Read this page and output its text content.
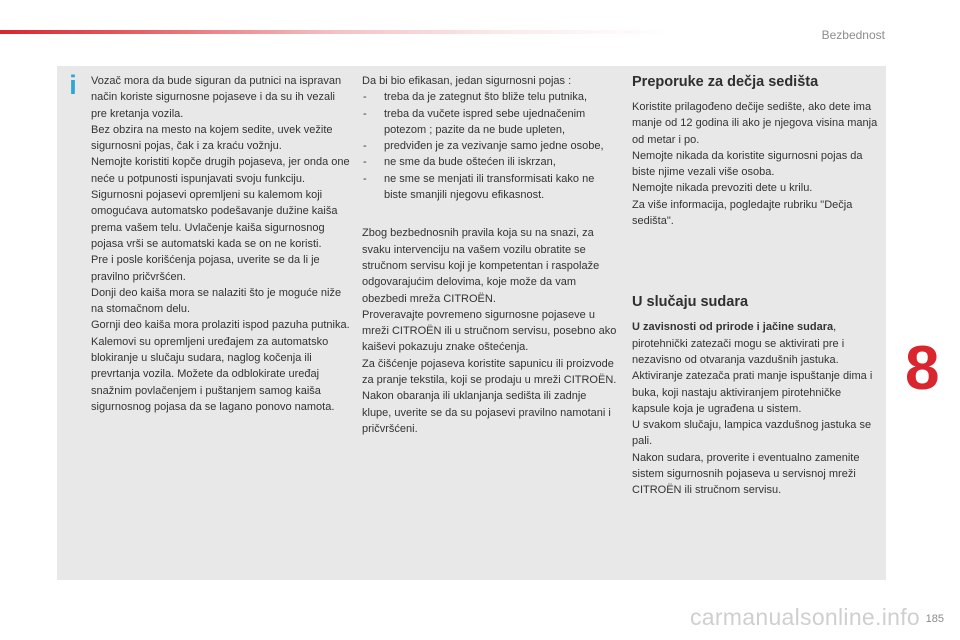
Bezbednost
i Vozač mora da bude siguran da putnici na ispravan način koriste sigurnosne pojaseve i da su ih vezali pre kretanja vozila.

Bez obzira na mesto na kojem sedite, uvek vežite sigurnosni pojas, čak i za kraću vožnju.

Nemojte koristiti kopče drugih pojaseva, jer onda one neće u potpunosti ispunjavati svoju funkciju.

Sigurnosni pojasevi opremljeni su kalemom koji omogućava automatsko podešavanje dužine kaiša prema vašem telu. Uvlačenje kaiša sigurnosnog pojasa vrši se automatski kada se on ne koristi.

Pre i posle korišćenja pojasa, uverite se da li je pravilno pričvršćen.

Donji deo kaiša mora se nalaziti što je moguće niže na stomačnom delu.

Gornji deo kaiša mora prolaziti ispod pazuha putnika.

Kalemovi su opremljeni uređajem za automatsko blokiranje u slučaju sudara, naglog kočenja ili prevrtanja vozila. Možete da odblokirate uređaj snažnim povlačenjem i puštanjem samog kaiša sigurnosnog pojasa da se lagano ponovo namota.

Da bi bio efikasan, jedan sigurnosni pojas :

- treba da je zategnut što bliže telu putnika,
- treba da vučete ispred sebe ujednačenim potezom ; pazite da ne bude upleten,
- predviđen je za vezivanje samo jedne osobe,
- ne sme da bude oštećen ili iskrzan,
- ne sme se menjati ili transformisati kako ne biste smanjili njegovu efikasnost.

Zbog bezbednosnih pravila koja su na snazi, za svaku intervenciju na vašem vozilu obratite se stručnom servisu koji je kompetentan i raspolaže odgovarajućim delovima, koje može da vam obezbedi mreža CITROËN.

Proveravajte povremeno sigurnosne pojaseve u mreži CITROËN ili u stručnom servisu, posebno ako kaiševi pokazuju znake oštećenja.

Za čišćenje pojaseva koristite sapunicu ili proizvode za pranje tekstila, koji se prodaju u mreži CITROËN.

Nakon obaranja ili uklanjanja sedišta ili zadnje klupe, uverite se da su pojasevi pravilno namotani i pričvršćeni.

Preporuke za dečja sedišta

Koristite prilagođeno dečije sedište, ako dete ima manje od 12 godina ili ako je njegova visina manja od metar i po.

Nemojte nikada da koristite sigurnosni pojas da biste njime vezali više osoba.

Nemojte nikada prevoziti dete u krilu.

Za više informacija, pogledajte rubriku "Dečja sedišta".

U slučaju sudara

U zavisnosti od prirode i jačine sudara, pirotehnički zatezači mogu se aktivirati pre i nezavisno od otvaranja vazdušnih jastuka.

Aktiviranje zatezača prati manje ispuštanje dima i buka, koji nastaju aktiviranjem pirotehničke kapsule koja je ugrađena u sistem.

U svakom slučaju, lampica vazdušnog jastuka se pali.

Nakon sudara, proverite i eventualno zamenite sistem sigurnosnih pojaseva u servisnoj mreži CITROËN ili stručnom servisu.

8
carmanualsonline.info 185
